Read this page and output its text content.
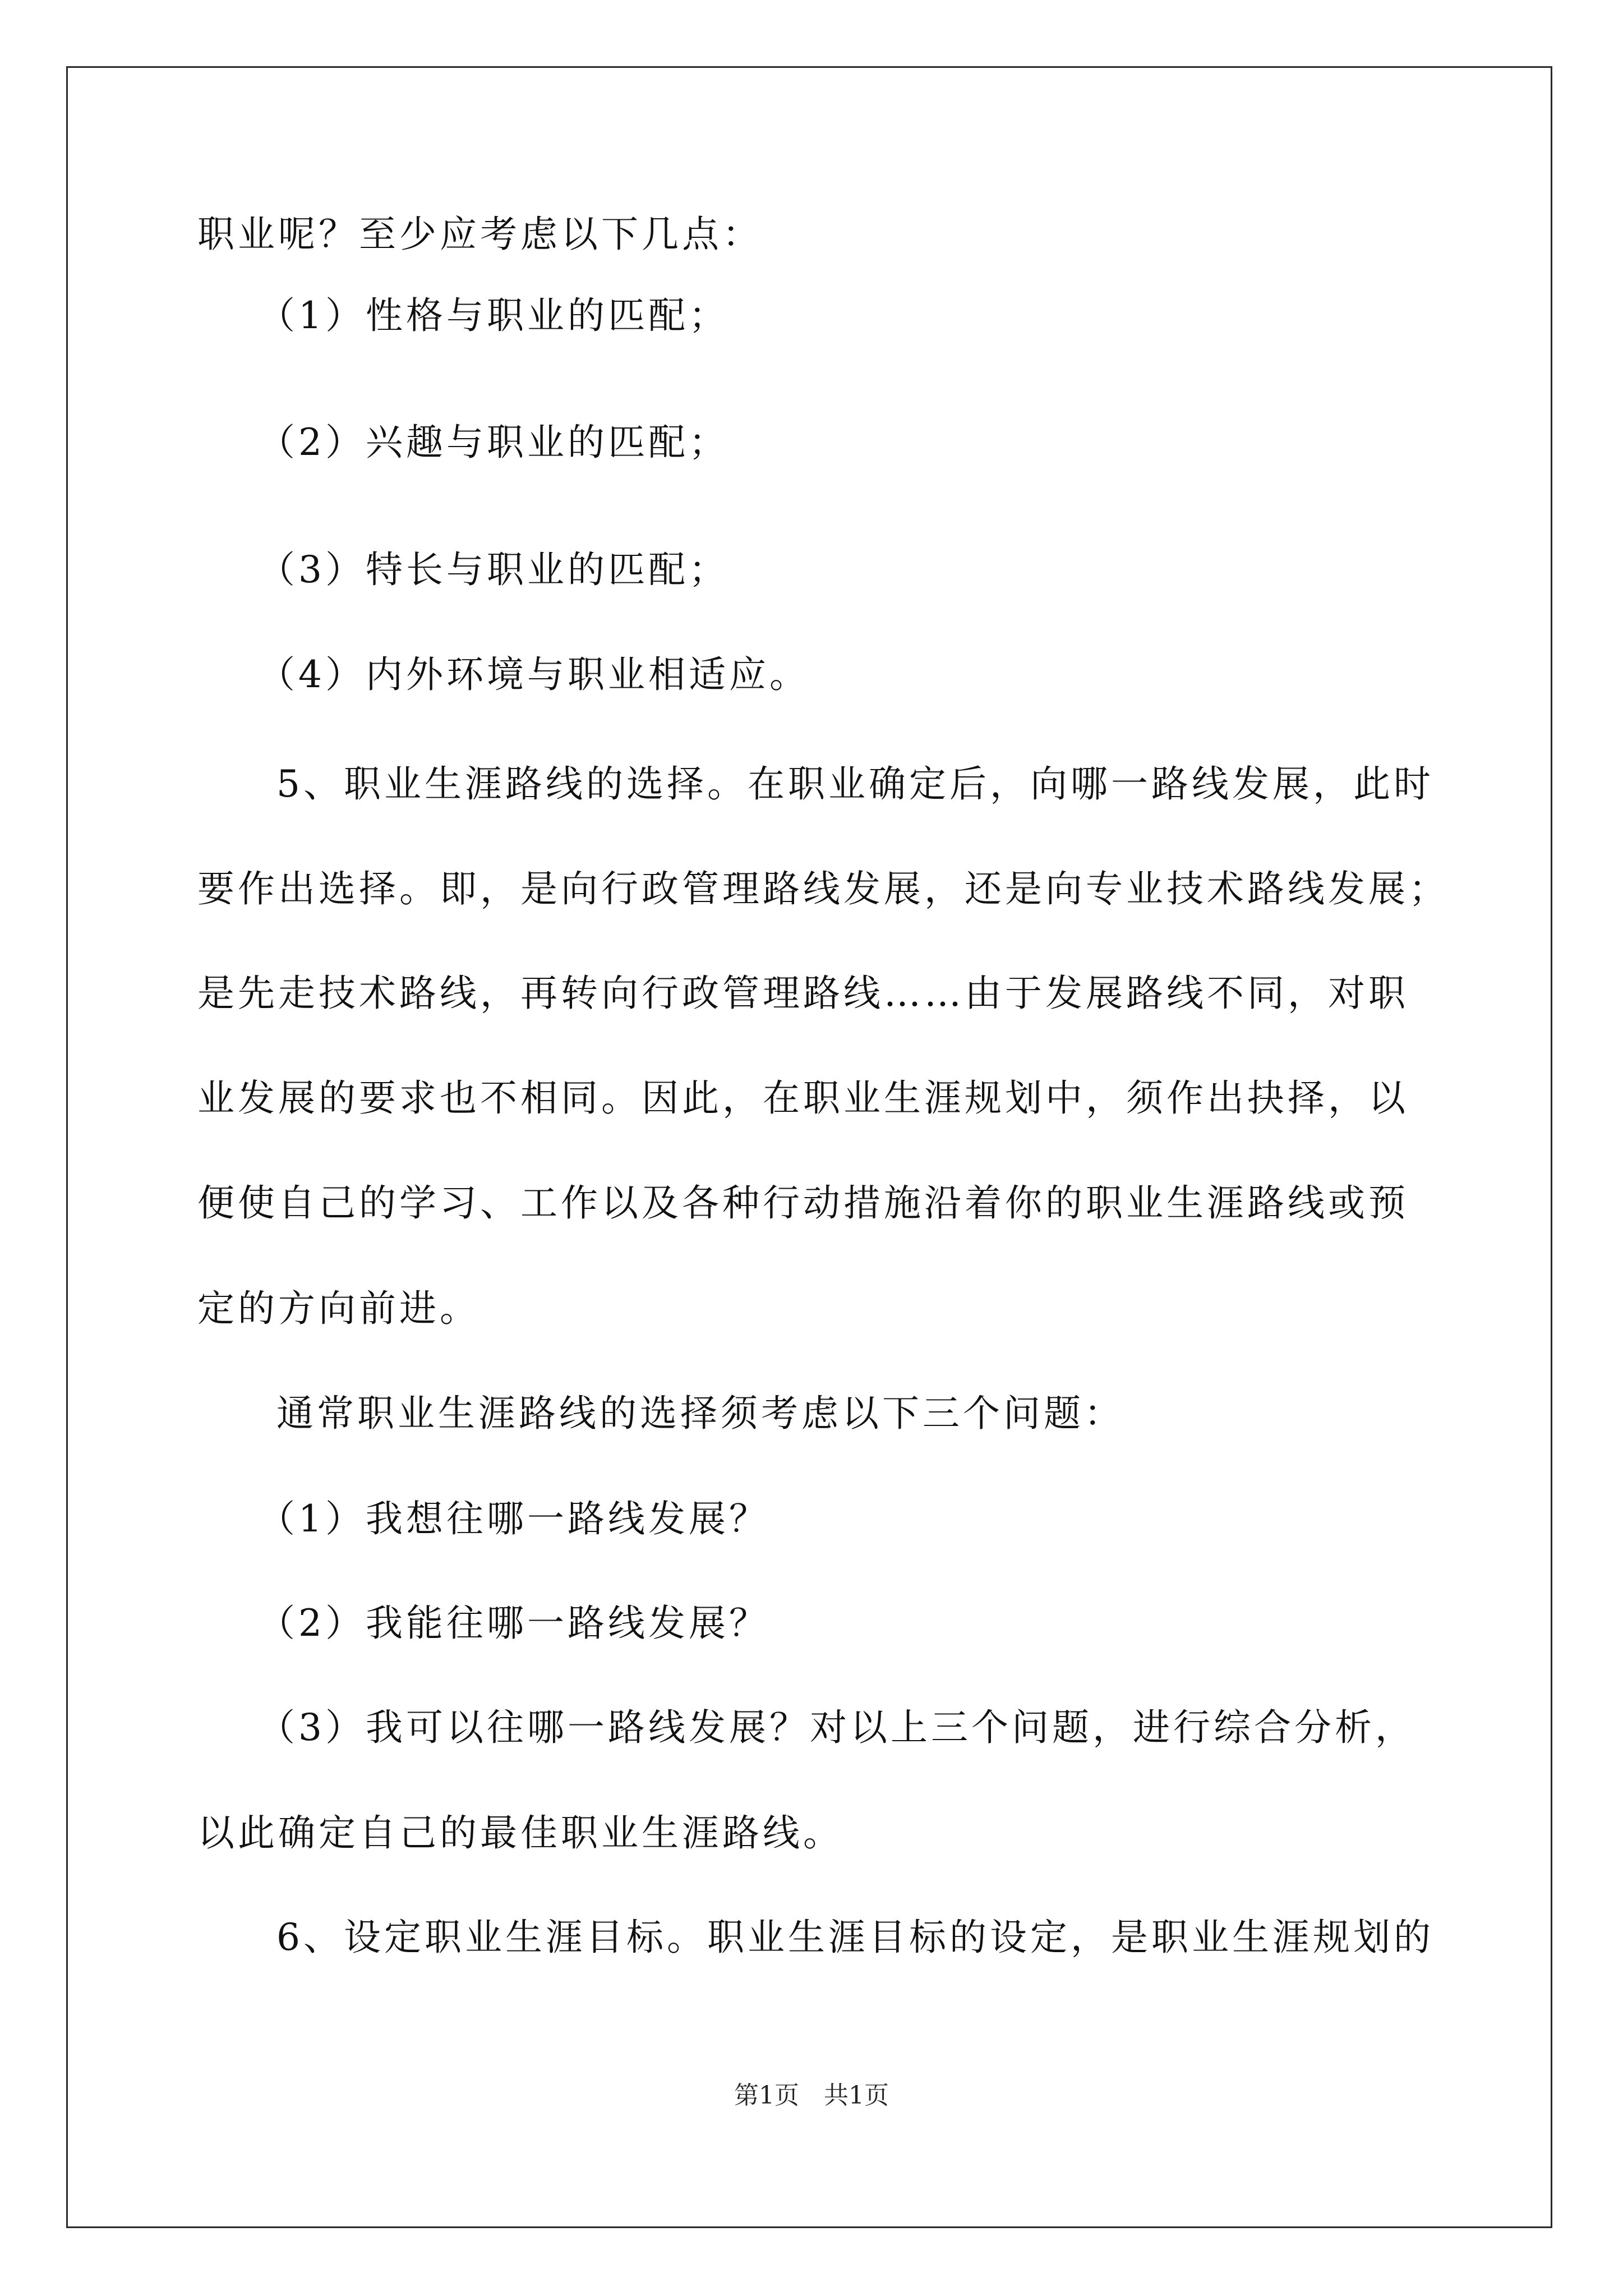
职业呢？至少应考虑以下几点：
（1）性格与职业的匹配；
（2）兴趣与职业的匹配；
（3）特长与职业的匹配；
（4）内外环境与职业相适应。
5、职业生涯路线的选择。在职业确定后，向哪一路线发展，此时
要作出选择。即，是向行政管理路线发展，还是向专业技术路线发展；
是先走技术路线，再转向行政管理路线……由于发展路线不同，对职
业发展的要求也不相同。因此，在职业生涯规划中，须作出抉择，以
便使自己的学习、工作以及各种行动措施沿着你的职业生涯路线或预
定的方向前进。
通常职业生涯路线的选择须考虑以下三个问题：
（1）我想往哪一路线发展？
（2）我能往哪一路线发展？
（3）我可以往哪一路线发展？对以上三个问题，进行综合分析，
以此确定自己的最佳职业生涯路线。
6、设定职业生涯目标。职业生涯目标的设定，是职业生涯规划的
第1页　共1页
